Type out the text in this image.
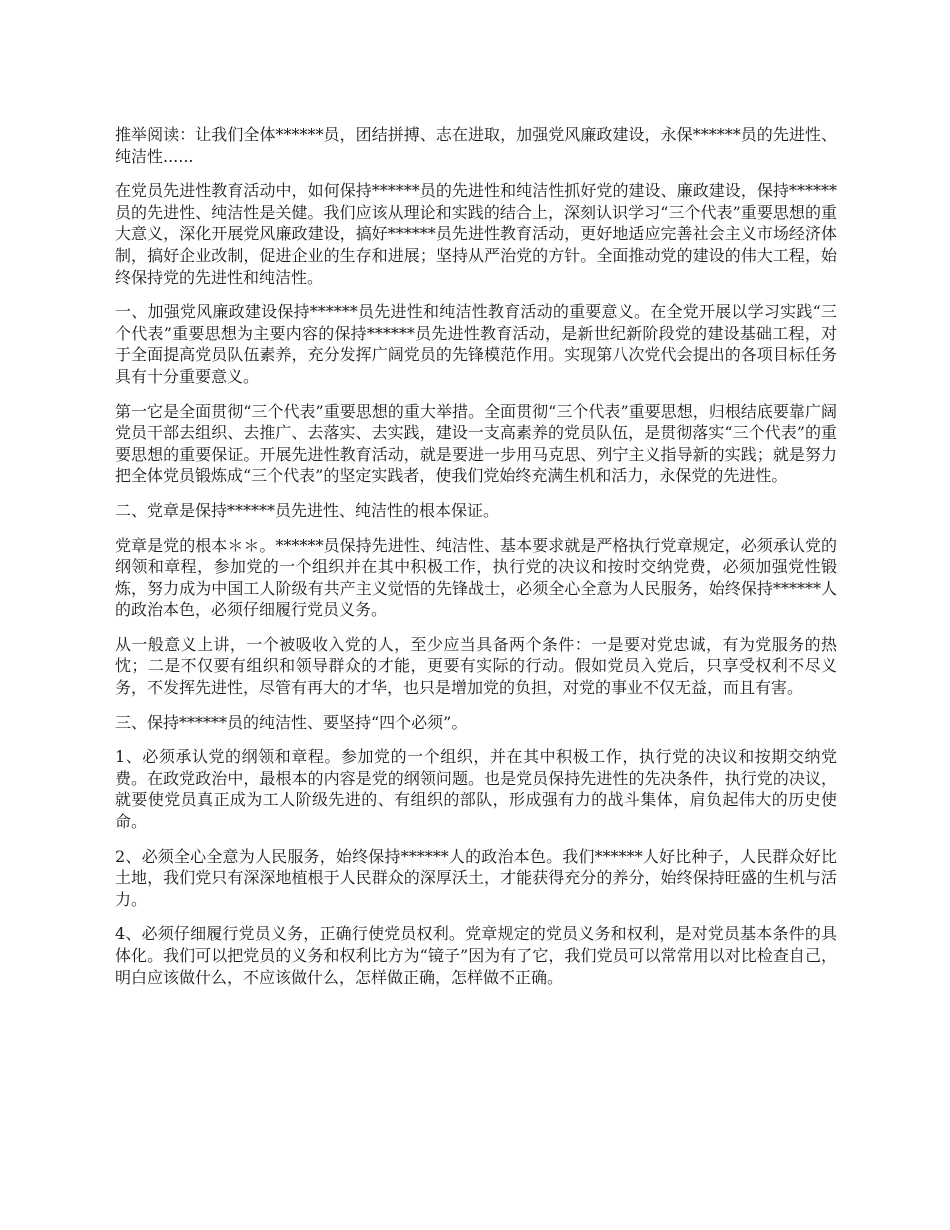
推举阅读：让我们全体******员，团结拼搏、志在进取，加强党风廉政建设，永保******员的先进性、纯洁性......

在党员先进性教育活动中，如何保持******员的先进性和纯洁性抓好党的建设、廉政建设，保持******员的先进性、纯洁性是关健。我们应该从理论和实践的结合上，深刻认识学习“三个代表”重要思想的重大意义，深化开展党风廉政建设，搞好******员先进性教育活动，更好地适应完善社会主义市场经济体制，搞好企业改制，促进企业的生存和进展；坚持从严治党的方针。全面推动党的建设的伟大工程，始终保持党的先进性和纯洁性。

一、加强党风廉政建设保持******员先进性和纯洁性教育活动的重要意义。在全党开展以学习实践“三个代表”重要思想为主要内容的保持******员先进性教育活动，是新世纪新阶段党的建设基础工程，对于全面提高党员队伍素养，充分发挥广阔党员的先锋模范作用。实现第八次党代会提出的各项目标任务具有十分重要意义。

第一它是全面贯彻“三个代表”重要思想的重大举措。全面贯彻“三个代表”重要思想，归根结底要靠广阔党员干部去组织、去推广、去落实、去实践，建设一支高素养的党员队伍，是贯彻落实“三个代表”的重要思想的重要保证。开展先进性教育活动，就是要进一步用马克思、列宁主义指导新的实践；就是努力把全体党员锻炼成“三个代表”的坚定实践者，使我们党始终充满生机和活力，永保党的先进性。

二、党章是保持******员先进性、纯洁性的根本保证。

党章是党的根本＊＊。******员保持先进性、纯洁性、基本要求就是严格执行党章规定，必须承认党的纲领和章程，参加党的一个组织并在其中积极工作，执行党的决议和按时交纳党费，必须加强党性锻炼，努力成为中国工人阶级有共产主义觉悟的先锋战士，必须全心全意为人民服务，始终保持******人的政治本色，必须仔细履行党员义务。

从一般意义上讲，一个被吸收入党的人，至少应当具备两个条件：一是要对党忠诚，有为党服务的热忱；二是不仅要有组织和领导群众的才能，更要有实际的行动。假如党员入党后，只享受权利不尽义务，不发挥先进性，尽管有再大的才华，也只是增加党的负担，对党的事业不仅无益，而且有害。

三、保持******员的纯洁性、要坚持“四个必须”。

1、必须承认党的纲领和章程。参加党的一个组织，并在其中积极工作，执行党的决议和按期交纳党费。在政党政治中，最根本的内容是党的纲领问题。也是党员保持先进性的先决条件，执行党的决议，就要使党员真正成为工人阶级先进的、有组织的部队，形成强有力的战斗集体，肩负起伟大的历史使命。

2、必须全心全意为人民服务，始终保持******人的政治本色。我们******人好比种子，人民群众好比土地，我们党只有深深地植根于人民群众的深厚沃土，才能获得充分的养分，始终保持旺盛的生机与活力。

4、必须仔细履行党员义务，正确行使党员权利。党章规定的党员义务和权利，是对党员基本条件的具体化。我们可以把党员的义务和权利比方为“镜子”因为有了它，我们党员可以常常用以对比检查自己，明白应该做什么，不应该做什么，怎样做正确，怎样做不正确。
